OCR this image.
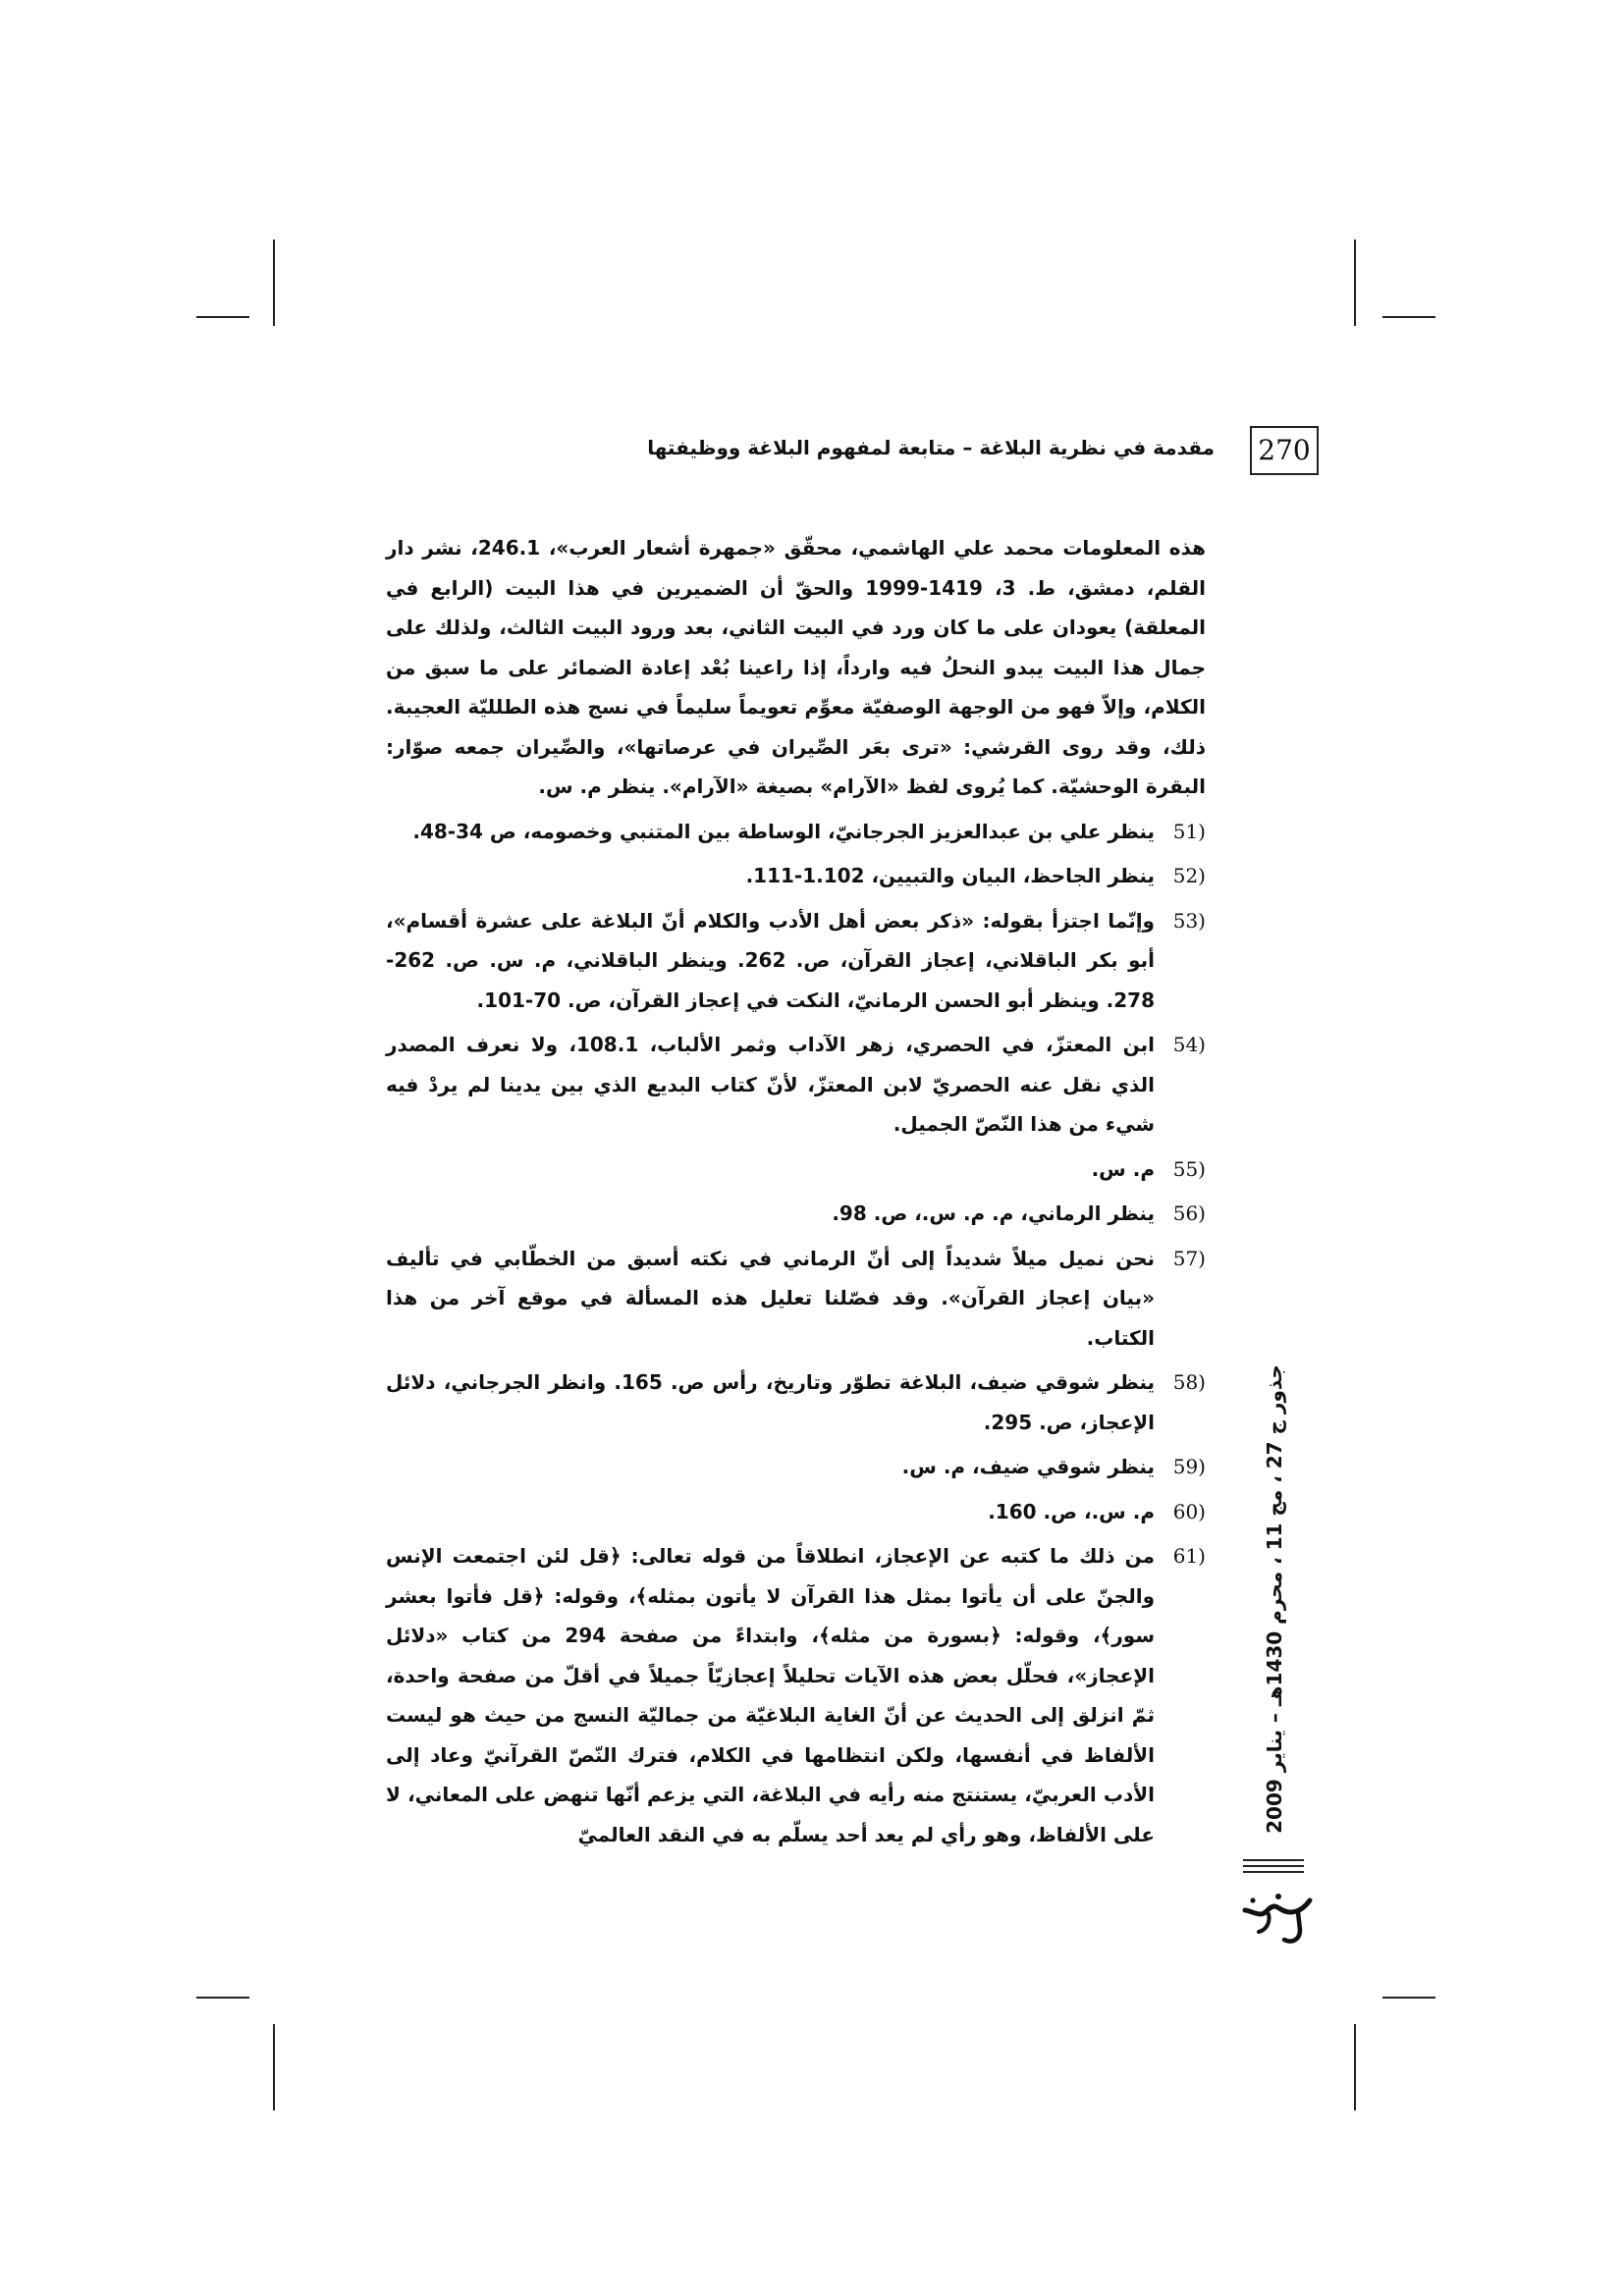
270
مقدمة في نظرية البلاغة – متابعة لمفهوم البلاغة ووظيفتها

هذه المعلومات محمد علي الهاشمي، محقّق «جمهرة أشعار العرب»، 246.1، نشر دار القلم، دمشق، ط. 3، 1419-1999 والحقّ أن الضميرين في هذا البيت (الرابع في المعلقة) يعودان على ما كان ورد في البيت الثاني، بعد ورود البيت الثالث، ولذلك على جمال هذا البيت يبدو النحلُ فيه وارداً، إذا راعينا بُعْد إعادة الضمائر على ما سبق من الكلام، وإلاّ فهو من الوجهة الوصفيّة معوِّم تعويماً سليماً في نسج هذه الطلليّة العجيبة. ذلك، وقد روى القرشي: «ترى بعَر الصِّيران في عرصاتها»، والصِّيران جمعه صوّار: البقرة الوحشيّة. كما يُروى لفظ «الآرام» بصيغة «الآرام». ينظر م. س.

51)
ينظر علي بن عبدالعزيز الجرجانيّ، الوساطة بين المتنبي وخصومه، ص 34-48.
52)
ينظر الجاحظ، البيان والتبيين، 1.102-111.
53)
وإنّما اجتزأ بقوله: «ذكر بعض أهل الأدب والكلام أنّ البلاغة على عشرة أقسام»، أبو بكر الباقلاني، إعجاز القرآن، ص. 262. وينظر الباقلاني، م. س. ص. 262-278. وينظر أبو الحسن الرمانيّ، النكت في إعجاز القرآن، ص. 70-101.
54)
ابن المعتزّ، في الحصري، زهر الآداب وثمر الألباب، 108.1، ولا نعرف المصدر الذي نقل عنه الحصريّ لابن المعتزّ، لأنّ كتاب البديع الذي بين يدينا لم يردْ فيه شيء من هذا النّصّ الجميل.
55)
م. س.
56)
ينظر الرماني، م. م. س.، ص. 98.
57)
نحن نميل ميلاً شديداً إلى أنّ الرماني في نكته أسبق من الخطّابي في تأليف «بيان إعجاز القرآن». وقد فصّلنا تعليل هذه المسألة في موقع آخر من هذا الكتاب.
58)
ينظر شوقي ضيف، البلاغة تطوّر وتاريخ، رأس ص. 165. وانظر الجرجاني، دلائل الإعجاز، ص. 295.
59)
ينظر شوقي ضيف، م. س.
60)
م. س.، ص. 160.
61)
من ذلك ما كتبه عن الإعجاز، انطلاقاً من قوله تعالى: ﴿قل لئن اجتمعت الإنس والجنّ على أن يأتوا بمثل هذا القرآن لا يأتون بمثله﴾، وقوله: ﴿قل فأتوا بعشر سور﴾، وقوله: ﴿بسورة من مثله﴾، وابتداءً من صفحة 294 من كتاب «دلائل الإعجاز»، فحلّل بعض هذه الآيات تحليلاً إعجازيّاً جميلاً في أقلّ من صفحة واحدة، ثمّ انزلق إلى الحديث عن أنّ الغاية البلاغيّة من جماليّة النسج من حيث هو ليست الألفاظ في أنفسها، ولكن انتظامها في الكلام، فترك النّصّ القرآنيّ وعاد إلى الأدب العربيّ، يستنتج منه رأيه في البلاغة، التي يزعم أنّها تنهض على المعاني، لا على الألفاظ، وهو رأي لم يعد أحد يسلّم به في النقد العالميّ
جذور ج 27 ، مج 11 ، محرم 1430هـ – يناير 2009
